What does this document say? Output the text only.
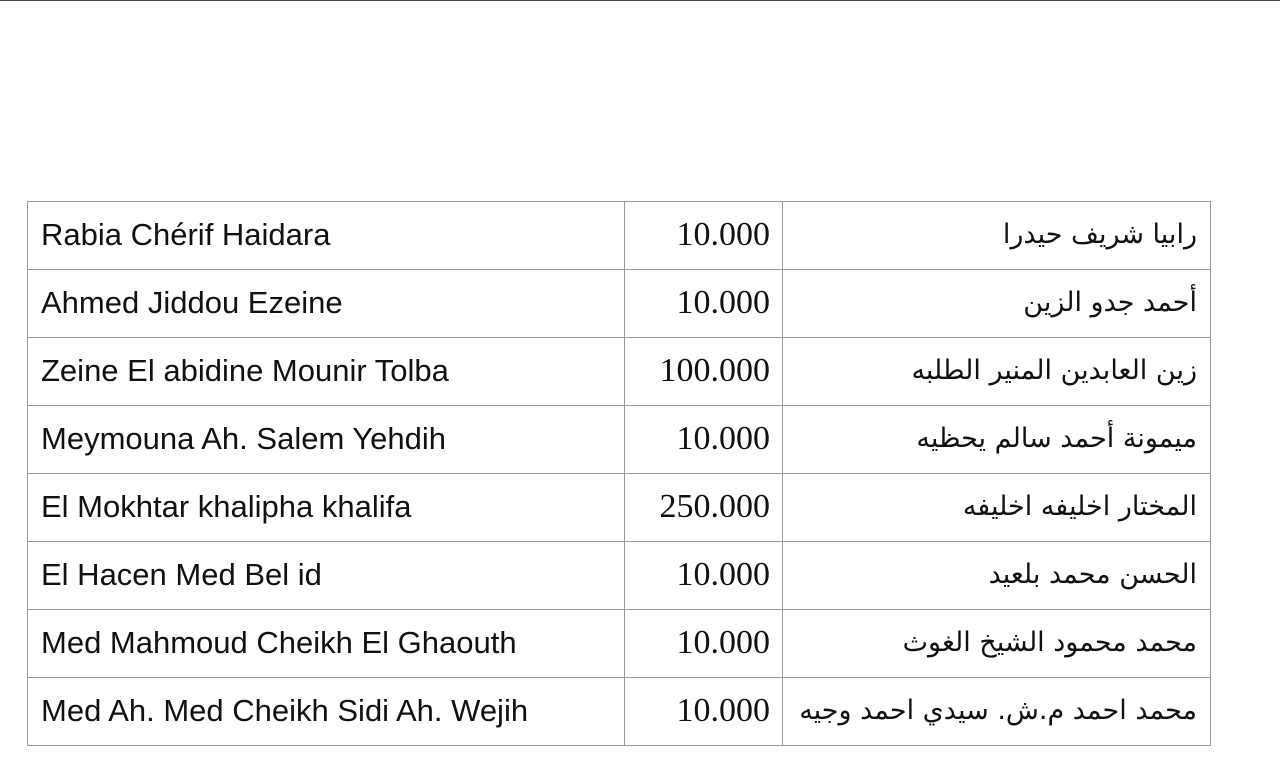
Rabia Chérif Haidara	10.000	رابيا شريف حيدرا
Ahmed Jiddou Ezeine	10.000	أحمد جدو الزين
Zeine El abidine Mounir Tolba	100.000	زين العابدين المنير الطلبه
Meymouna Ah. Salem Yehdih	10.000	ميمونة أحمد سالم يحظيه
El Mokhtar khalipha khalifa	250.000	المختار اخليفه اخليفه
El Hacen Med Bel id	10.000	الحسن محمد بلعيد
Med Mahmoud Cheikh El Ghaouth	10.000	محمد محمود الشيخ الغوث
Med Ah. Med Cheikh Sidi Ah. Wejih	10.000	محمد احمد م.ش. سيدي احمد وجيه
